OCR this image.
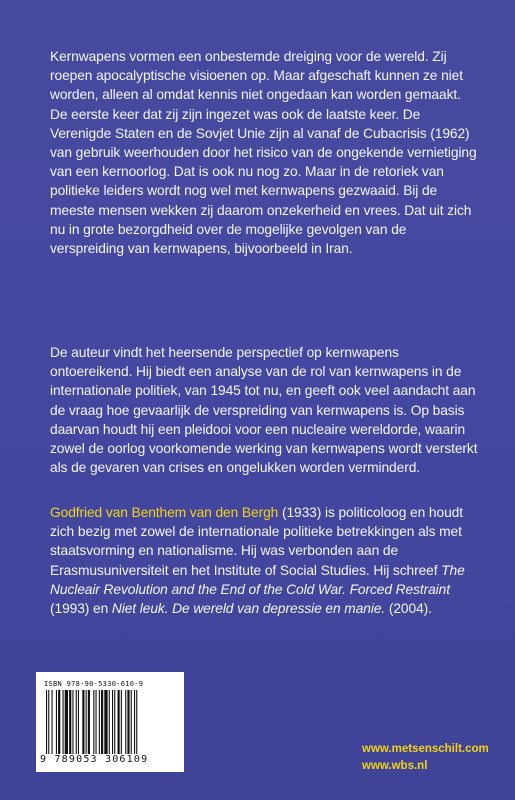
Kernwapens vormen een onbestemde dreiging voor de wereld. Zij roepen apocalyptische visioenen op. Maar afgeschaft kunnen ze niet worden, alleen al omdat kennis niet ongedaan kan worden gemaakt. De eerste keer dat zij zijn ingezet was ook de laatste keer. De Verenigde Staten en de Sovjet Unie zijn al vanaf de Cubacrisis (1962) van gebruik weerhouden door het risico van de ongekende vernietiging van een kernoorlog. Dat is ook nu nog zo. Maar in de retoriek van politieke leiders wordt nog wel met kernwapens gezwaaid. Bij de meeste mensen wekken zij daarom onzekerheid en vrees. Dat uit zich nu in grote bezorgdheid over de mogelijke gevolgen van de verspreiding van kernwapens, bijvoorbeeld in Iran.

De auteur vindt het heersende perspectief op kernwapens ontoereikend. Hij biedt een analyse van de rol van kernwapens in de internationale politiek, van 1945 tot nu, en geeft ook veel aandacht aan de vraag hoe gevaarlijk de verspreiding van kernwapens is. Op basis daarvan houdt hij een pleidooi voor een nucleaire wereldorde, waarin zowel de oorlog voorkomende werking van kernwapens wordt versterkt als de gevaren van crises en ongelukken worden verminderd.

Godfried van Benthem van den Bergh (1933) is politicoloog en houdt zich bezig met zowel de internationale politieke betrekkingen als met staatsvorming en nationalisme. Hij was verbonden aan de Erasmusuniversiteit en het Institute of Social Studies. Hij schreef The Nucleair Revolution and the End of the Cold War. Forced Restraint (1993) en Niet leuk. De wereld van depressie en manie. (2004).

ISBN 978-90-5330-610-9
9 789053 306109
www.metsenschilt.com
www.wbs.nl
